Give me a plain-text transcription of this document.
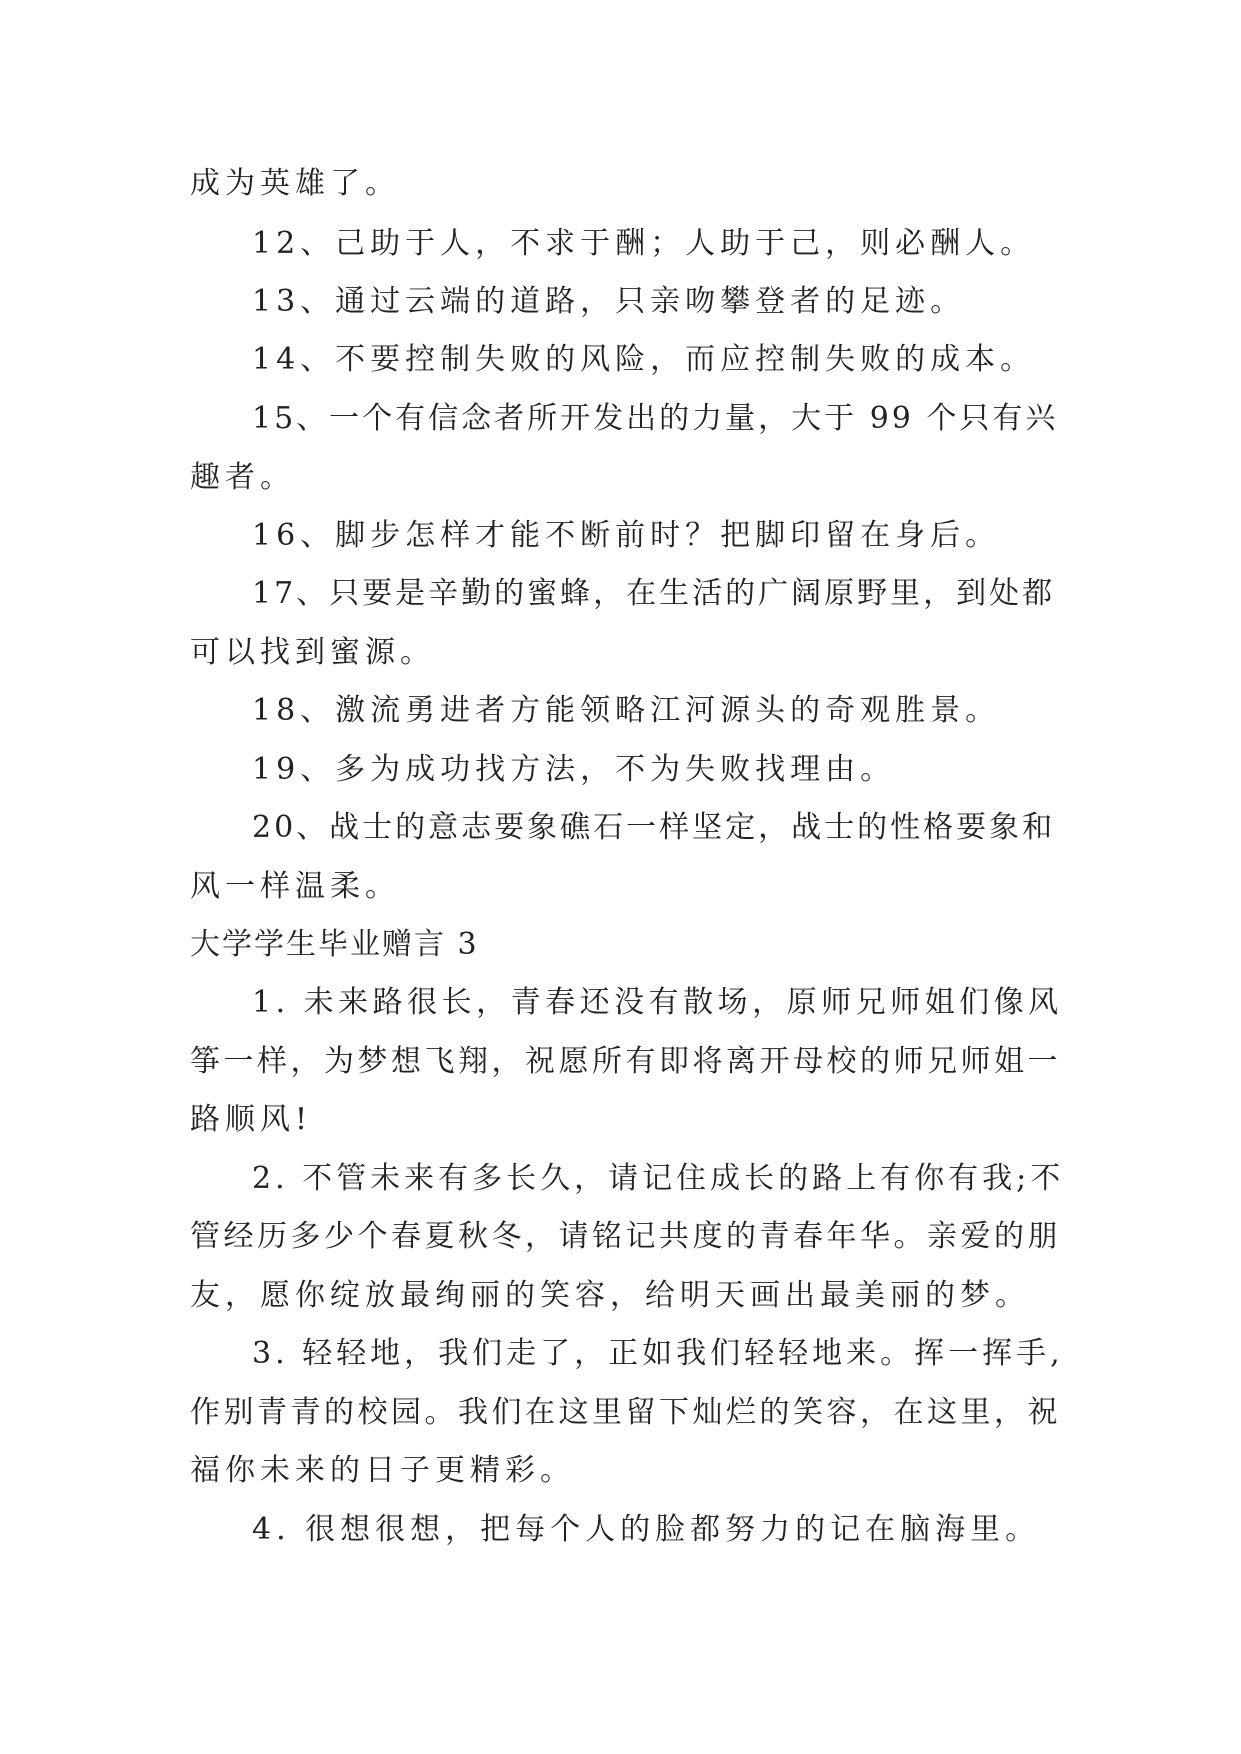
成为英雄了。
12、己助于人，不求于酬；人助于己，则必酬人。
13、通过云端的道路，只亲吻攀登者的足迹。
14、不要控制失败的风险，而应控制失败的成本。
15、一个有信念者所开发出的力量，大于 99 个只有兴
趣者。
16、脚步怎样才能不断前时？把脚印留在身后。
17、只要是辛勤的蜜蜂，在生活的广阔原野里，到处都
可以找到蜜源。
18、激流勇进者方能领略江河源头的奇观胜景。
19、多为成功找方法，不为失败找理由。
20、战士的意志要象礁石一样坚定，战士的性格要象和
风一样温柔。
大学学生毕业赠言 3
1. 未来路很长，青春还没有散场，原师兄师姐们像风
筝一样，为梦想飞翔，祝愿所有即将离开母校的师兄师姐一
路顺风!
2. 不管未来有多长久，请记住成长的路上有你有我;不
管经历多少个春夏秋冬，请铭记共度的青春年华。亲爱的朋
友，愿你绽放最绚丽的笑容，给明天画出最美丽的梦。
3. 轻轻地，我们走了，正如我们轻轻地来。挥一挥手,
作别青青的校园。我们在这里留下灿烂的笑容，在这里，祝
福你未来的日子更精彩。
4. 很想很想，把每个人的脸都努力的记在脑海里。
